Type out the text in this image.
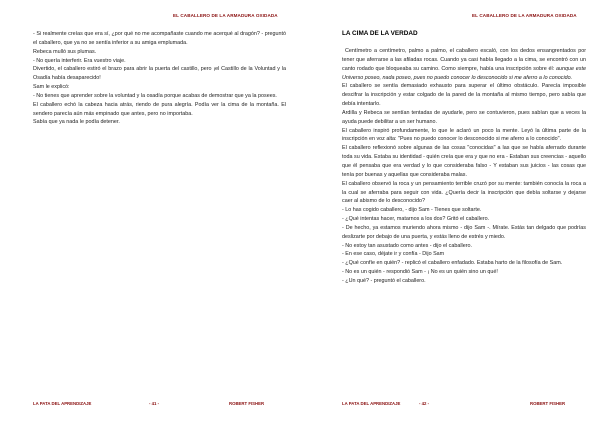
EL CABALLERO DE LA ARMADURA OXIDADA

- Si realmente creías que era sí, ¿por qué no me acompañaste cuando me acerqué al dragón? - preguntó el caballero, que ya no se sentía inferior a su amiga emplumada.

Rebeca mulló sus plumas.

- No quería interferir. Era vuestro viaje.

Divertido, el caballero estiró el brazo para abrir la puerta del castillo, pero ¡el Castillo de la Voluntad y la Osadía había desaparecido!

Sam le explicó:

- No tienes que aprender sobre la voluntad y la osadía porque acabas de demostrar que ya la posees.

El caballero echó la cabeza hacia atrás, riendo de pura alegría. Podía ver la cima de la montaña. El sendero parecía aún más empinado que antes, pero no importaba.

Sabía que ya nada le podía detener.

LA PATA DEL APRENDIZAJE	- 41 -	ROBERT FISHER
EL CABALLERO DE LA ARMADURA OXIDADA
LA CIMA DE LA VERDAD

Centímetro a centímetro, palmo a palmo, el caballero escaló, con los dedos ensangrentados por tener que aferrarse a las afiladas rocas. Cuando ya casi había llegado a la cima, se encontró con un canto rodado que bloqueaba su camino. Como siempre, había una inscripción sobre él: aunque este Universo poseo, nada poseo, pues no puedo conocer lo desconocido si me aferro a lo conocido.

El caballero se sentía demasiado exhausto para superar el último obstáculo. Parecía imposible descifrar la inscripción y estar colgado de la pared de la montaña al mismo tiempo, pero sabía que debía intentarlo.

Ardilla y Rebeca se sentían tentadas de ayudarle, pero se contuvieron, pues sabían que a veces la ayuda puede debilitar a un ser humano.

El caballero inspiró profundamente, lo que le aclaró un poco la mente. Leyó la última parte de la inscripción en voz alta: "Pues no puedo conocer lo desconocido si me aferro a lo conocido".

El caballero reflexionó sobre algunas de las cosas "conocidas" a las que se había aferrado durante toda su vida. Estaba su identidad - quién creía que era y que no era - Estaban sus creencias - aquello que él pensaba que era verdad y lo que consideraba falso - Y estaban sus juicios - las cosas que tenía por buenas y aquellas que consideraba malas.

El caballero observó la roca y un pensamiento terrible cruzó por su mente: también conocía la roca a la cual se aferraba para seguir con vida. ¿Quería decir la inscripción que debía soltarse y dejarse caer al abismo de lo desconocido?

- Lo has cogido caballero, - dijo Sam - Tienes que soltarte.

- ¿Qué intentas hacer, matarnos a los dos? Gritó el caballero.

- De hecho, ya estamos muriendo ahora mismo - dijo Sam -. Mírate. Estás tan delgado que podrías deslizarte por debajo de una puerta, y estás lleno de estrés y miedo.

- No estoy tan asustado como antes - dijo el caballero.

- En ese caso, déjate ir y confía - Dijo Sam

- ¿Qué confíe en quién? - replicó el caballero enfadado. Estaba harto de la filosofía de Sam.

- No es un quién - respondió Sam - ¡ No es un quién sino un qué!

- ¿Un qué? - preguntó el caballero.

LA PATA DEL APRENDIZAJE	- 42 -	ROBERT FISHER
